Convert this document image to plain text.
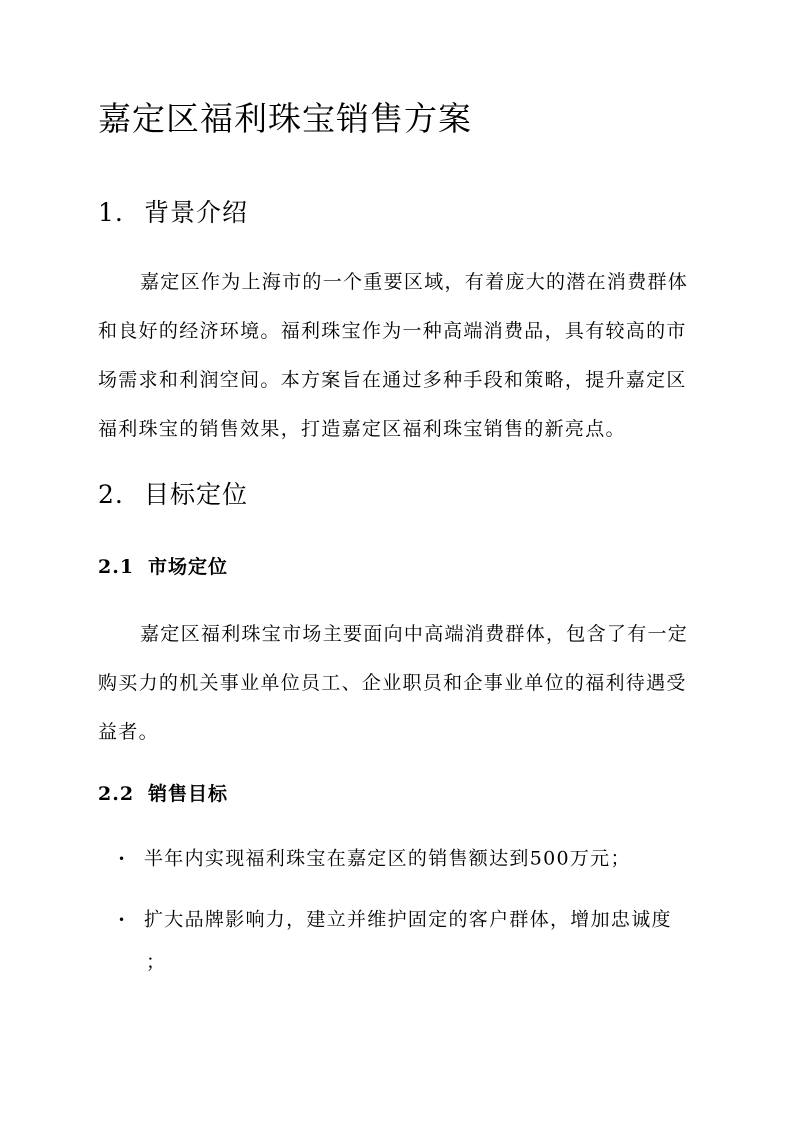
嘉定区福利珠宝销售方案
1. 背景介绍
嘉定区作为上海市的一个重要区域，有着庞大的潜在消费群体
和良好的经济环境。福利珠宝作为一种高端消费品，具有较高的市
场需求和利润空间。本方案旨在通过多种手段和策略，提升嘉定区
福利珠宝的销售效果，打造嘉定区福利珠宝销售的新亮点。
2. 目标定位
2.1 市场定位
嘉定区福利珠宝市场主要面向中高端消费群体，包含了有一定
购买力的机关事业单位员工、企业职员和企事业单位的福利待遇受
益者。
2.2 销售目标
• 半年内实现福利珠宝在嘉定区的销售额达到500万元；
• 扩大品牌影响力，建立并维护固定的客户群体，增加忠诚度
；
